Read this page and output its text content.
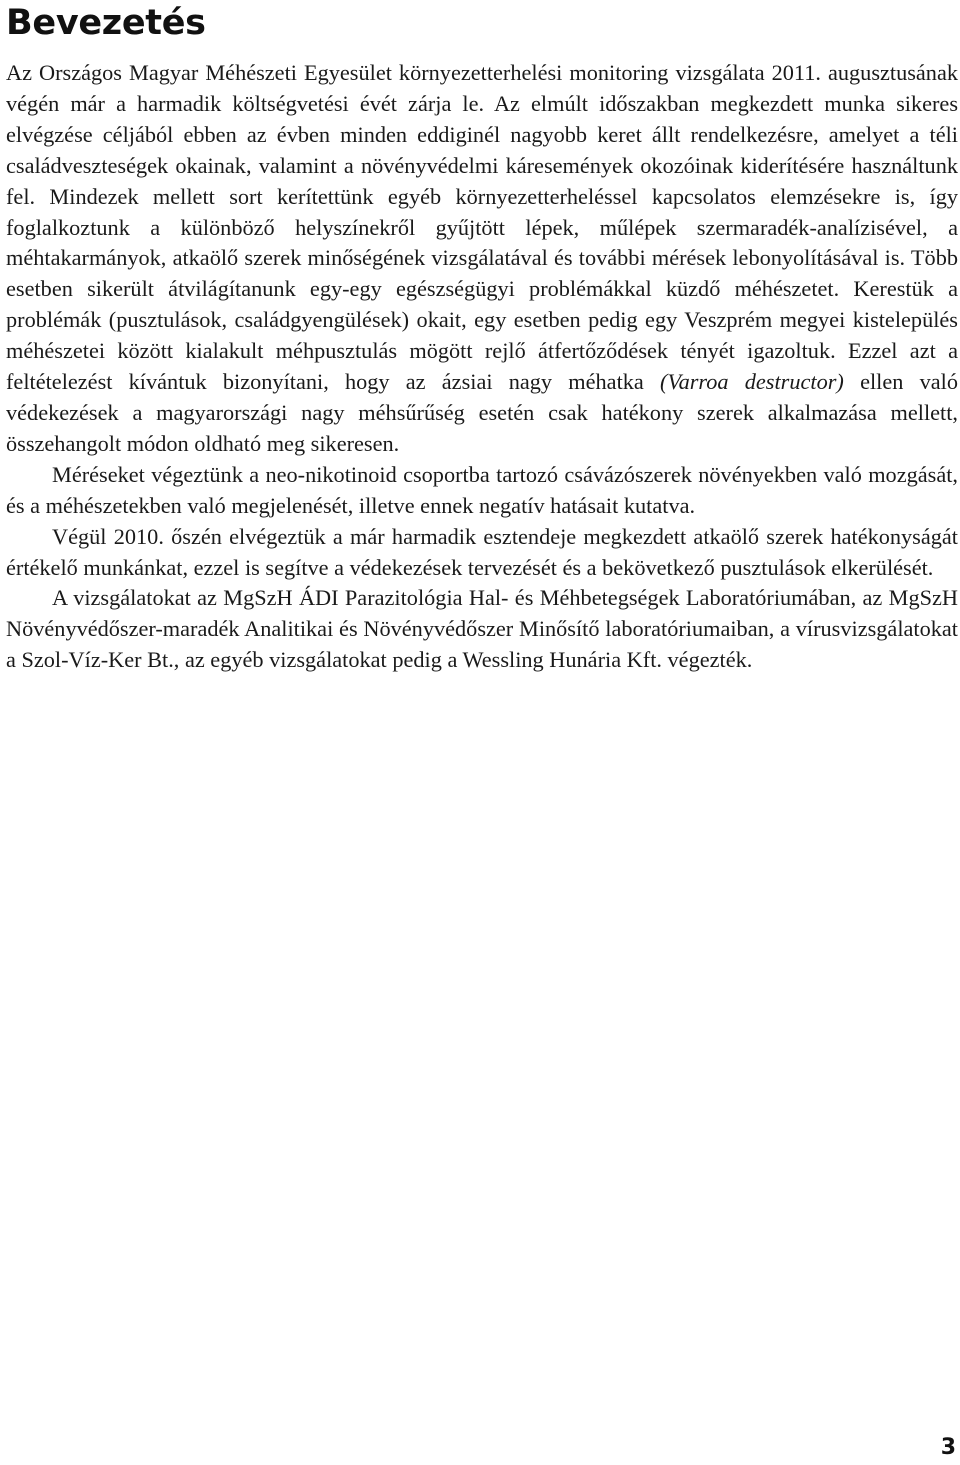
Bevezetés

Az Országos Magyar Méhészeti Egyesület környezetterhelési monitoring vizsgálata 2011. augusztusának végén már a harmadik költségvetési évét zárja le. Az elmúlt időszakban megkezdett munka sikeres elvégzése céljából ebben az évben minden eddiginél nagyobb keret állt rendelkezésre, amelyet a téli családveszteségek okainak, valamint a növényvédelmi káresemények okozóinak kiderítésére használtunk fel. Mindezek mellett sort kerítettünk egyéb környezetterheléssel kapcsolatos elemzésekre is, így foglalkoztunk a különböző helyszínekről gyűjtött lépek, műlépek szermaradék-analízisével, a méhtakarmányok, atkaölő szerek minőségének vizsgálatával és további mérések lebonyolításával is. Több esetben sikerült átvilágítanunk egy-egy egészségügyi problémákkal küzdő méhészetet. Kerestük a problémák (pusztulások, családgyengülések) okait, egy esetben pedig egy Veszprém megyei kistelepülés méhészetei között kialakult méhpusztulás mögött rejlő átfertőződések tényét igazoltuk. Ezzel azt a feltételezést kívántuk bizonyítani, hogy az ázsiai nagy méhatka (Varroa destructor) ellen való védekezések a magyarországi nagy méhsűrűség esetén csak hatékony szerek alkalmazása mellett, összehangolt módon oldható meg sikeresen.

Méréseket végeztünk a neo-nikotinoid csoportba tartozó csávázószerek növényekben való mozgását, és a méhészetekben való megjelenését, illetve ennek negatív hatásait kutatva.

Végül 2010. őszén elvégeztük a már harmadik esztendeje megkezdett atkaölő szerek hatékonyságát értékelő munkánkat, ezzel is segítve a védekezések tervezését és a bekövetkező pusztulások elkerülését.

A vizsgálatokat az MgSzH ÁDI Parazitológia Hal- és Méhbetegségek Laboratóriumában, az MgSzH Növényvédőszer-maradék Analitikai és Növényvédőszer Minősítő laboratóriumaiban, a vírusvizsgálatokat a Szol-Víz-Ker Bt., az egyéb vizsgálatokat pedig a Wessling Hunária Kft. végezték.

3
